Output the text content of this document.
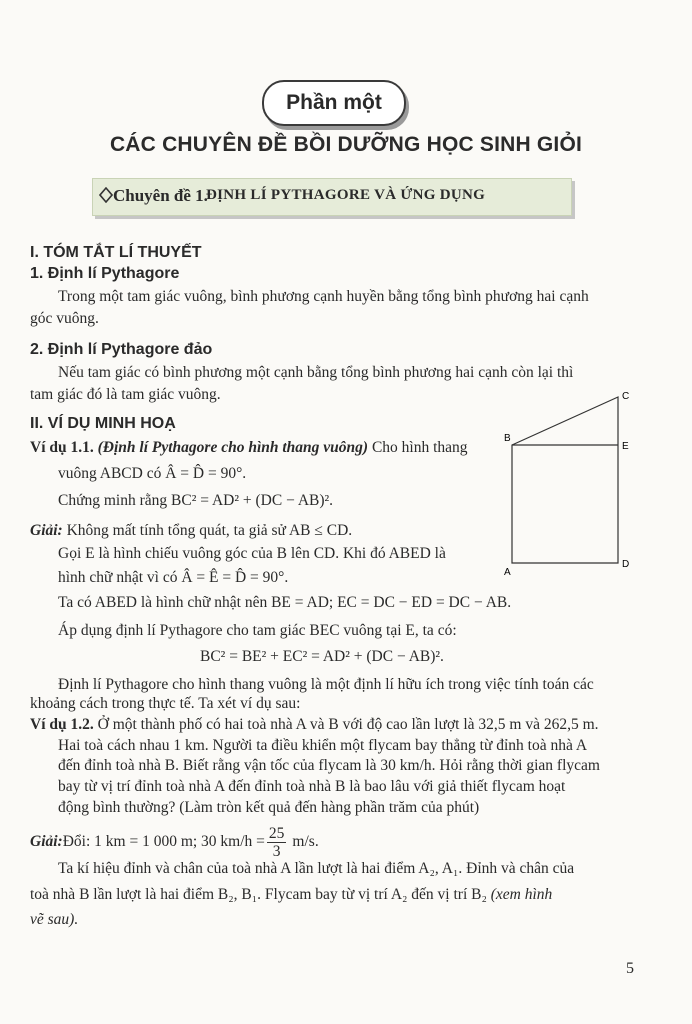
Phần một
CÁC CHUYÊN ĐỀ BỒI DƯỠNG HỌC SINH GIỎI
Chuyên đề 1.
ĐỊNH LÍ PYTHAGORE VÀ ỨNG DỤNG
I. TÓM TẮT LÍ THUYẾT
1. Định lí Pythagore
Trong một tam giác vuông, bình phương cạnh huyền bằng tổng bình phương hai cạnh
góc vuông.
2. Định lí Pythagore đảo
Nếu tam giác có bình phương một cạnh bằng tổng bình phương hai cạnh còn lại thì
tam giác đó là tam giác vuông.
II. VÍ DỤ MINH HOẠ
Ví dụ 1.1. (Định lí Pythagore cho hình thang vuông) Cho hình thang
vuông ABCD có Â = D̂ = 90°.
Chứng minh rằng BC² = AD² + (DC − AB)².
Giải: Không mất tính tổng quát, ta giả sử AB ≤ CD.
Gọi E là hình chiếu vuông góc của B lên CD. Khi đó ABED là
hình chữ nhật vì có Â = Ê = D̂ = 90°.
Ta có ABED là hình chữ nhật nên BE = AD; EC = DC − ED = DC − AB.
Áp dụng định lí Pythagore cho tam giác BEC vuông tại E, ta có:
BC² = BE² + EC² = AD² + (DC − AB)².
Định lí Pythagore cho hình thang vuông là một định lí hữu ích trong việc tính toán các
khoảng cách trong thực tế. Ta xét ví dụ sau:
Ví dụ 1.2. Ở một thành phố có hai toà nhà A và B với độ cao lần lượt là 32,5 m và 262,5 m.
Hai toà cách nhau 1 km. Người ta điều khiển một flycam bay thẳng từ đỉnh toà nhà A
đến đỉnh toà nhà B. Biết rằng vận tốc của flycam là 30 km/h. Hỏi rằng thời gian flycam
bay từ vị trí đỉnh toà nhà A đến đỉnh toà nhà B là bao lâu với giả thiết flycam hoạt
động bình thường? (Làm tròn kết quả đến hàng phần trăm của phút)
Giải: Đổi: 1 km = 1 000 m; 30 $km/h = \frac{25}{3} m/s$.
Ta kí hiệu đỉnh và chân của toà nhà A lần lượt là hai điểm A₂, A₁. Đỉnh và chân của
toà nhà B lần lượt là hai điểm B₂, B₁. Flycam bay từ vị trí A₂ đến vị trí B₂ (xem hình
vẽ sau).
C
B
E
A
D
5
